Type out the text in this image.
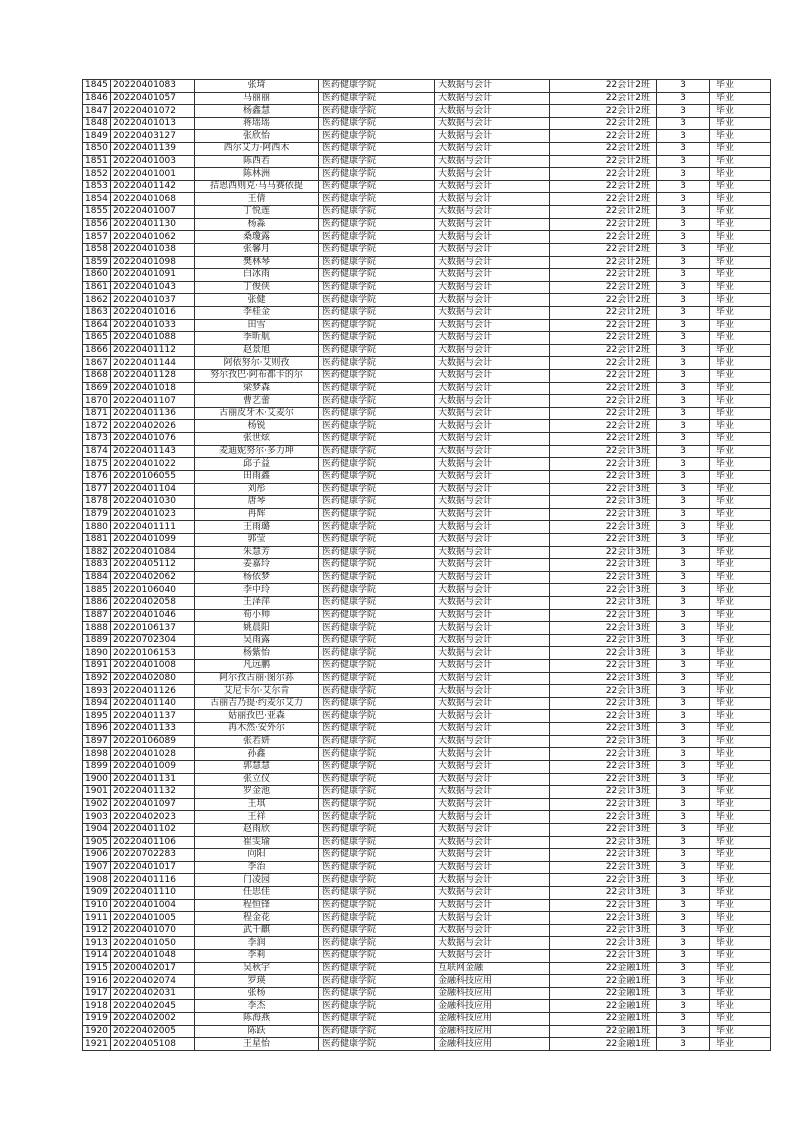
1845	20220401083	张琦	医药健康学院	大数据与会计	22会计2班	3	毕业
1846	20220401057	马丽丽	医药健康学院	大数据与会计	22会计2班	3	毕业
1847	20220401072	杨鑫慧	医药健康学院	大数据与会计	22会计2班	3	毕业
1848	20220401013	蒋瑶瑶	医药健康学院	大数据与会计	22会计2班	3	毕业
1849	20220403127	张欣怡	医药健康学院	大数据与会计	22会计2班	3	毕业
1850	20220401139	西尔艾力·阿西木	医药健康学院	大数据与会计	22会计2班	3	毕业
1851	20220401003	陈西若	医药健康学院	大数据与会计	22会计2班	3	毕业
1852	20220401001	陈林洲	医药健康学院	大数据与会计	22会计2班	3	毕业
1853	20220401142	拮恩西则克·马马赛依提	医药健康学院	大数据与会计	22会计2班	3	毕业
1854	20220401068	王倩	医药健康学院	大数据与会计	22会计2班	3	毕业
1855	20220401007	丁悦莲	医药健康学院	大数据与会计	22会计2班	3	毕业
1856	20220401130	杨淼	医药健康学院	大数据与会计	22会计2班	3	毕业
1857	20220401062	桑瓊露	医药健康学院	大数据与会计	22会计2班	3	毕业
1858	20220401038	张馨月	医药健康学院	大数据与会计	22会计2班	3	毕业
1859	20220401098	樊林琴	医药健康学院	大数据与会计	22会计2班	3	毕业
1860	20220401091	白冰雨	医药健康学院	大数据与会计	22会计2班	3	毕业
1861	20220401043	丁俊侠	医药健康学院	大数据与会计	22会计2班	3	毕业
1862	20220401037	张健	医药健康学院	大数据与会计	22会计2班	3	毕业
1863	20220401016	李桂金	医药健康学院	大数据与会计	22会计2班	3	毕业
1864	20220401033	田雪	医药健康学院	大数据与会计	22会计2班	3	毕业
1865	20220401088	季昕航	医药健康学院	大数据与会计	22会计2班	3	毕业
1866	20220401112	赵景旭	医药健康学院	大数据与会计	22会计2班	3	毕业
1867	20220401144	阿依努尔·艾则孜	医药健康学院	大数据与会计	22会计2班	3	毕业
1868	20220401128	努尔孜巴·阿布都卡的尔	医药健康学院	大数据与会计	22会计2班	3	毕业
1869	20220401018	梁梦森	医药健康学院	大数据与会计	22会计2班	3	毕业
1870	20220401107	曹艺蕾	医药健康学院	大数据与会计	22会计2班	3	毕业
1871	20220401136	古丽皮牙木·艾麦尔	医药健康学院	大数据与会计	22会计2班	3	毕业
1872	20220402026	杨锐	医药健康学院	大数据与会计	22会计2班	3	毕业
1873	20220401076	张世炫	医药健康学院	大数据与会计	22会计2班	3	毕业
1874	20220401143	麦迪妮努尔·多力坤	医药健康学院	大数据与会计	22会计3班	3	毕业
1875	20220401022	邱子益	医药健康学院	大数据与会计	22会计3班	3	毕业
1876	20220106055	田雨鑫	医药健康学院	大数据与会计	22会计3班	3	毕业
1877	20220401104	刘彤	医药健康学院	大数据与会计	22会计3班	3	毕业
1878	20220401030	唐琴	医药健康学院	大数据与会计	22会计3班	3	毕业
1879	20220401023	冉辉	医药健康学院	大数据与会计	22会计3班	3	毕业
1880	20220401111	王雨璐	医药健康学院	大数据与会计	22会计3班	3	毕业
1881	20220401099	郭莹	医药健康学院	大数据与会计	22会计3班	3	毕业
1882	20220401084	朱慧芳	医药健康学院	大数据与会计	22会计3班	3	毕业
1883	20220405112	姜嘉玲	医药健康学院	大数据与会计	22会计3班	3	毕业
1884	20220402062	杨依梦	医药健康学院	大数据与会计	22会计3班	3	毕业
1885	20220106040	李中玲	医药健康学院	大数据与会计	22会计3班	3	毕业
1886	20220402058	王泽萍	医药健康学院	大数据与会计	22会计3班	3	毕业
1887	20220401046	荀小帅	医药健康学院	大数据与会计	22会计3班	3	毕业
1888	20220106137	姚晨阳	医药健康学院	大数据与会计	22会计3班	3	毕业
1889	20220702304	吴雨露	医药健康学院	大数据与会计	22会计3班	3	毕业
1890	20220106153	杨紫怡	医药健康学院	大数据与会计	22会计3班	3	毕业
1891	20220401008	凡远鹏	医药健康学院	大数据与会计	22会计3班	3	毕业
1892	20220402080	阿尔孜古丽·图尔荪	医药健康学院	大数据与会计	22会计3班	3	毕业
1893	20220401126	艾尼卡尔·艾尔肯	医药健康学院	大数据与会计	22会计3班	3	毕业
1894	20220401140	古丽吉乃提·约麦尔艾力	医药健康学院	大数据与会计	22会计3班	3	毕业
1895	20220401137	姑丽孜巴·亚森	医药健康学院	大数据与会计	22会计3班	3	毕业
1896	20220401133	再木然·安外尔	医药健康学院	大数据与会计	22会计3班	3	毕业
1897	20220106089	张若妍	医药健康学院	大数据与会计	22会计3班	3	毕业
1898	20220401028	孙鑫	医药健康学院	大数据与会计	22会计3班	3	毕业
1899	20220401009	郭慧慧	医药健康学院	大数据与会计	22会计3班	3	毕业
1900	20220401131	张立仪	医药健康学院	大数据与会计	22会计3班	3	毕业
1901	20220401132	罗金池	医药健康学院	大数据与会计	22会计3班	3	毕业
1902	20220401097	王琪	医药健康学院	大数据与会计	22会计3班	3	毕业
1903	20220402023	王祥	医药健康学院	大数据与会计	22会计3班	3	毕业
1904	20220401102	赵雨欣	医药健康学院	大数据与会计	22会计3班	3	毕业
1905	20220401106	崔雯瑜	医药健康学院	大数据与会计	22会计3班	3	毕业
1906	20220702283	向阳	医药健康学院	大数据与会计	22会计3班	3	毕业
1907	20220401017	李治	医药健康学院	大数据与会计	22会计3班	3	毕业
1908	20220401116	门凌园	医药健康学院	大数据与会计	22会计3班	3	毕业
1909	20220401110	任思佳	医药健康学院	大数据与会计	22会计3班	3	毕业
1910	20220401004	程恒锋	医药健康学院	大数据与会计	22会计3班	3	毕业
1911	20220401005	程金花	医药健康学院	大数据与会计	22会计3班	3	毕业
1912	20220401070	武千麒	医药健康学院	大数据与会计	22会计3班	3	毕业
1913	20220401050	李润	医药健康学院	大数据与会计	22会计3班	3	毕业
1914	20220401048	李莉	医药健康学院	大数据与会计	22会计3班	3	毕业
1915	20200402017	吴秋宇	医药健康学院	互联网金融	22金融1班	3	毕业
1916	20220402074	罗瑛	医药健康学院	金融科技应用	22金融1班	3	毕业
1917	20220402031	张杨	医药健康学院	金融科技应用	22金融1班	3	毕业
1918	20220402045	李杰	医药健康学院	金融科技应用	22金融1班	3	毕业
1919	20220402002	陈海燕	医药健康学院	金融科技应用	22金融1班	3	毕业
1920	20220402005	陈跃	医药健康学院	金融科技应用	22金融1班	3	毕业
1921	20220405108	王星怡	医药健康学院	金融科技应用	22金融1班	3	毕业
